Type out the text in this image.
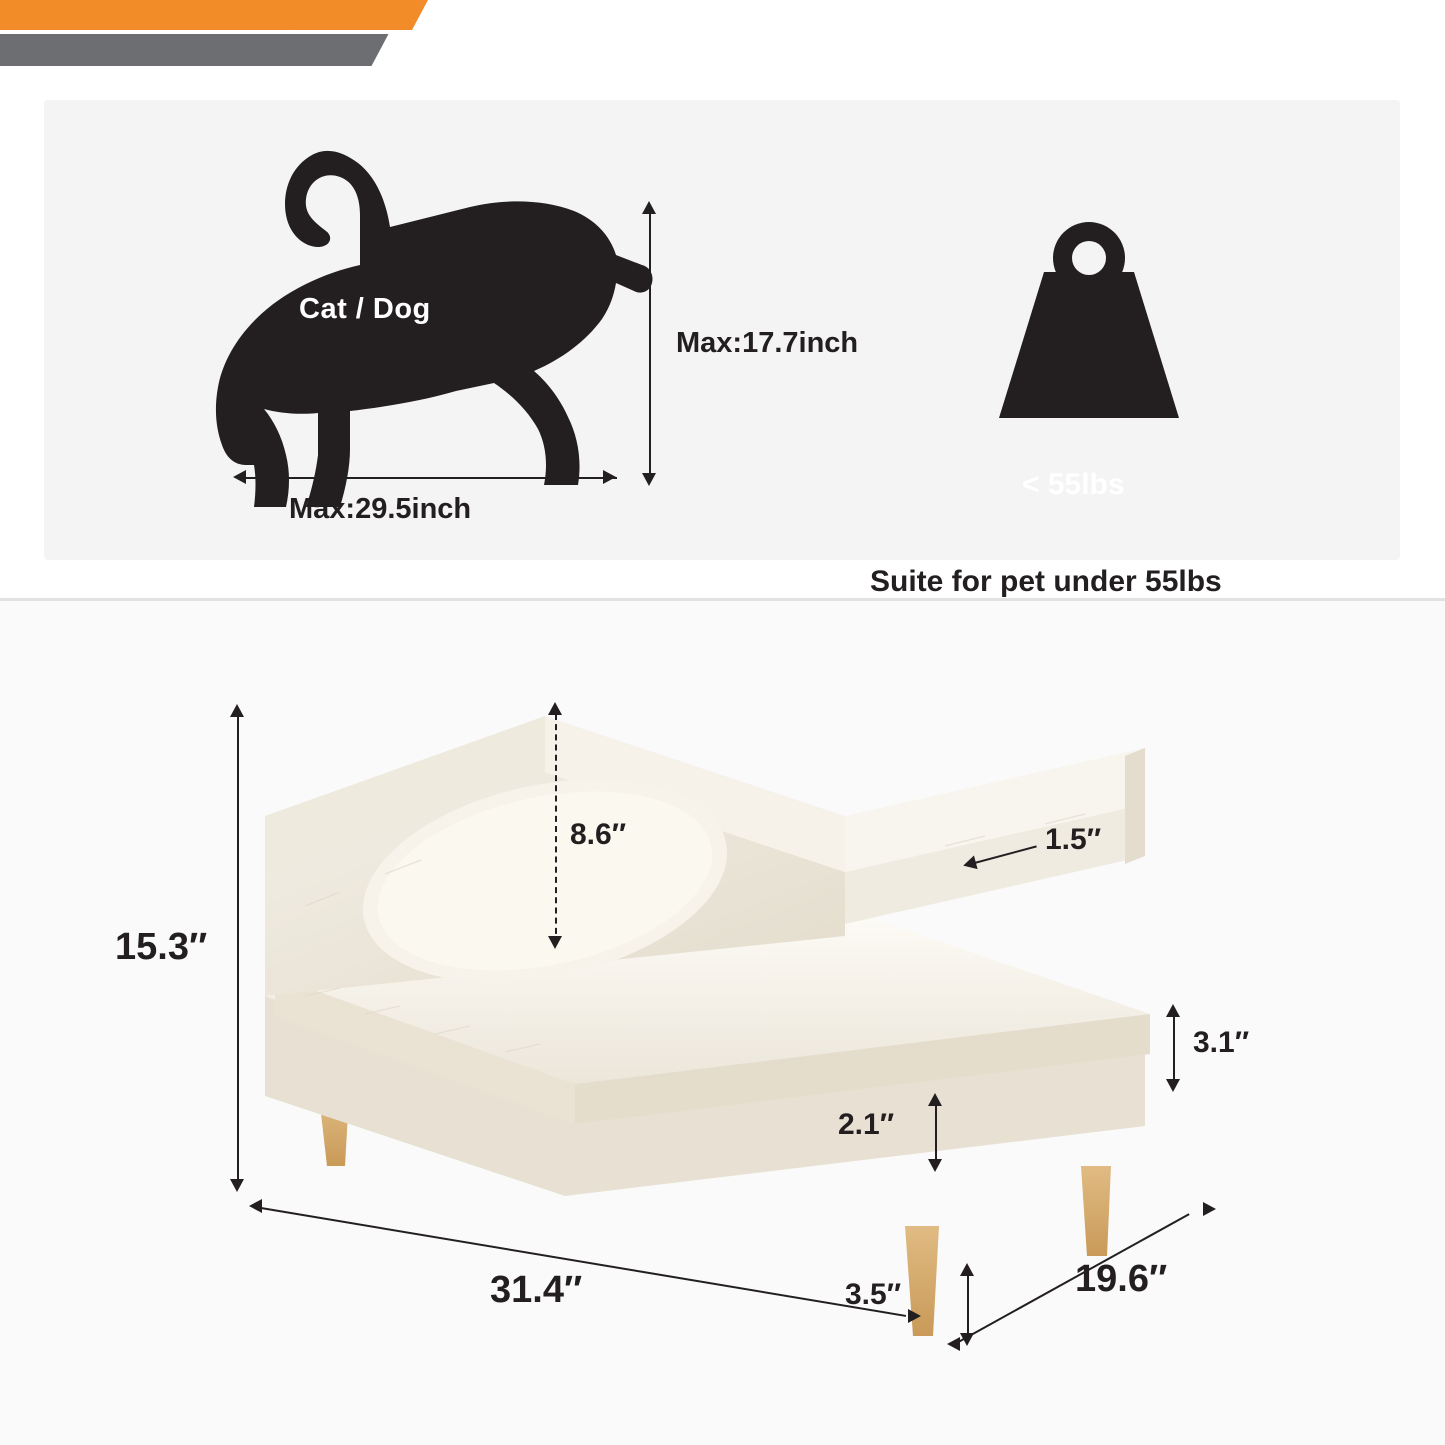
Cat / Dog
Max:17.7inch
Max:29.5inch
< 55lbs
Suite for pet under 55lbs
15.3″
8.6″	1.5″
3.1″
2.1″
31.4″	3.5″	19.6″
